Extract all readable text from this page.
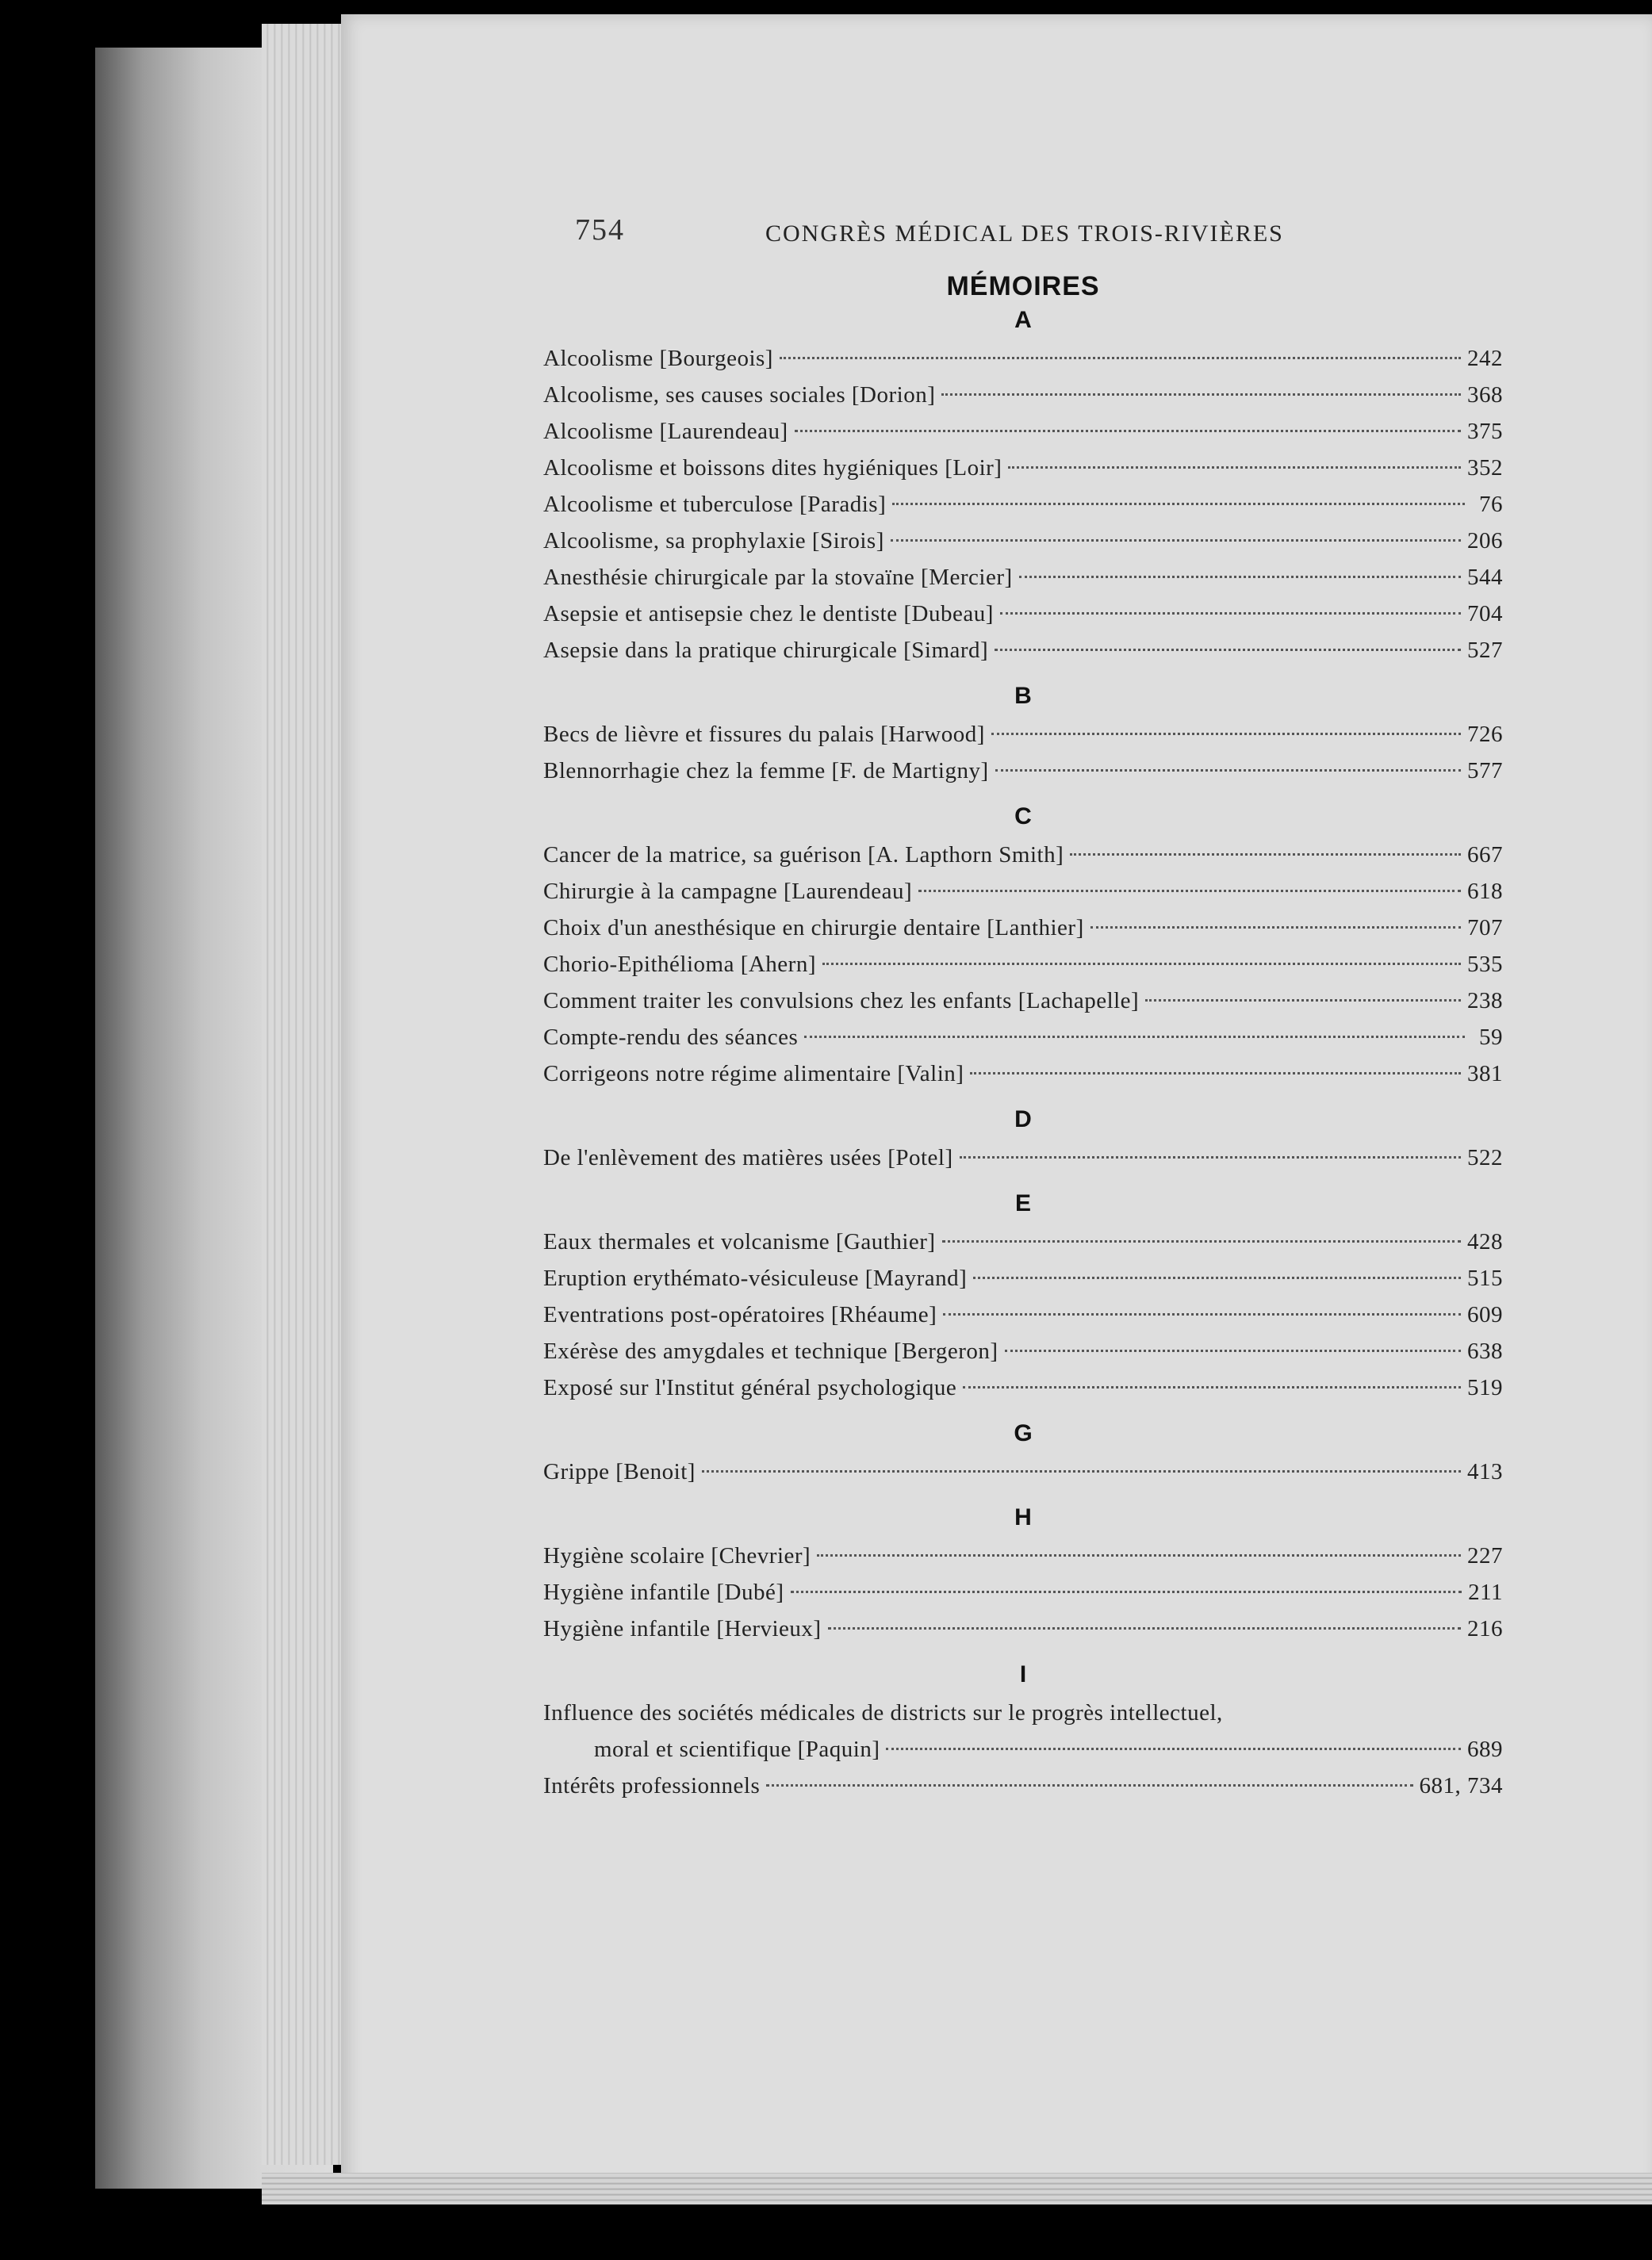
754	CONGRÈS MÉDICAL DES TROIS-RIVIÈRES
MÉMOIRES
A
Alcoolisme [Bourgeois]	242
Alcoolisme, ses causes sociales [Dorion]	368
Alcoolisme [Laurendeau]	375
Alcoolisme et boissons dites hygiéniques [Loir]	352
Alcoolisme et tuberculose [Paradis]	76
Alcoolisme, sa prophylaxie [Sirois]	206
Anesthésie chirurgicale par la stovaïne [Mercier]	544
Asepsie et antisepsie chez le dentiste [Dubeau]	704
Asepsie dans la pratique chirurgicale [Simard]	527
B
Becs de lièvre et fissures du palais [Harwood]	726
Blennorrhagie chez la femme [F. de Martigny]	577
C
Cancer de la matrice, sa guérison [A. Lapthorn Smith]	667
Chirurgie à la campagne [Laurendeau]	618
Choix d'un anesthésique en chirurgie dentaire [Lanthier]	707
Chorio-Epithélioma [Ahern]	535
Comment traiter les convulsions chez les enfants [Lachapelle]	238
Compte-rendu des séances	59
Corrigeons notre régime alimentaire [Valin]	381
D
De l'enlèvement des matières usées [Potel]	522
E
Eaux thermales et volcanisme [Gauthier]	428
Eruption erythémato-vésiculeuse [Mayrand]	515
Eventrations post-opératoires [Rhéaume]	609
Exérèse des amygdales et technique [Bergeron]	638
Exposé sur l'Institut général psychologique	519
G
Grippe [Benoit]	413
H
Hygiène scolaire [Chevrier]	227
Hygiène infantile [Dubé]	211
Hygiène infantile [Hervieux]	216
I
Influence des sociétés médicales de districts sur le progrès intellectuel,
moral et scientifique [Paquin]	689
Intérêts professionnels	681, 734
